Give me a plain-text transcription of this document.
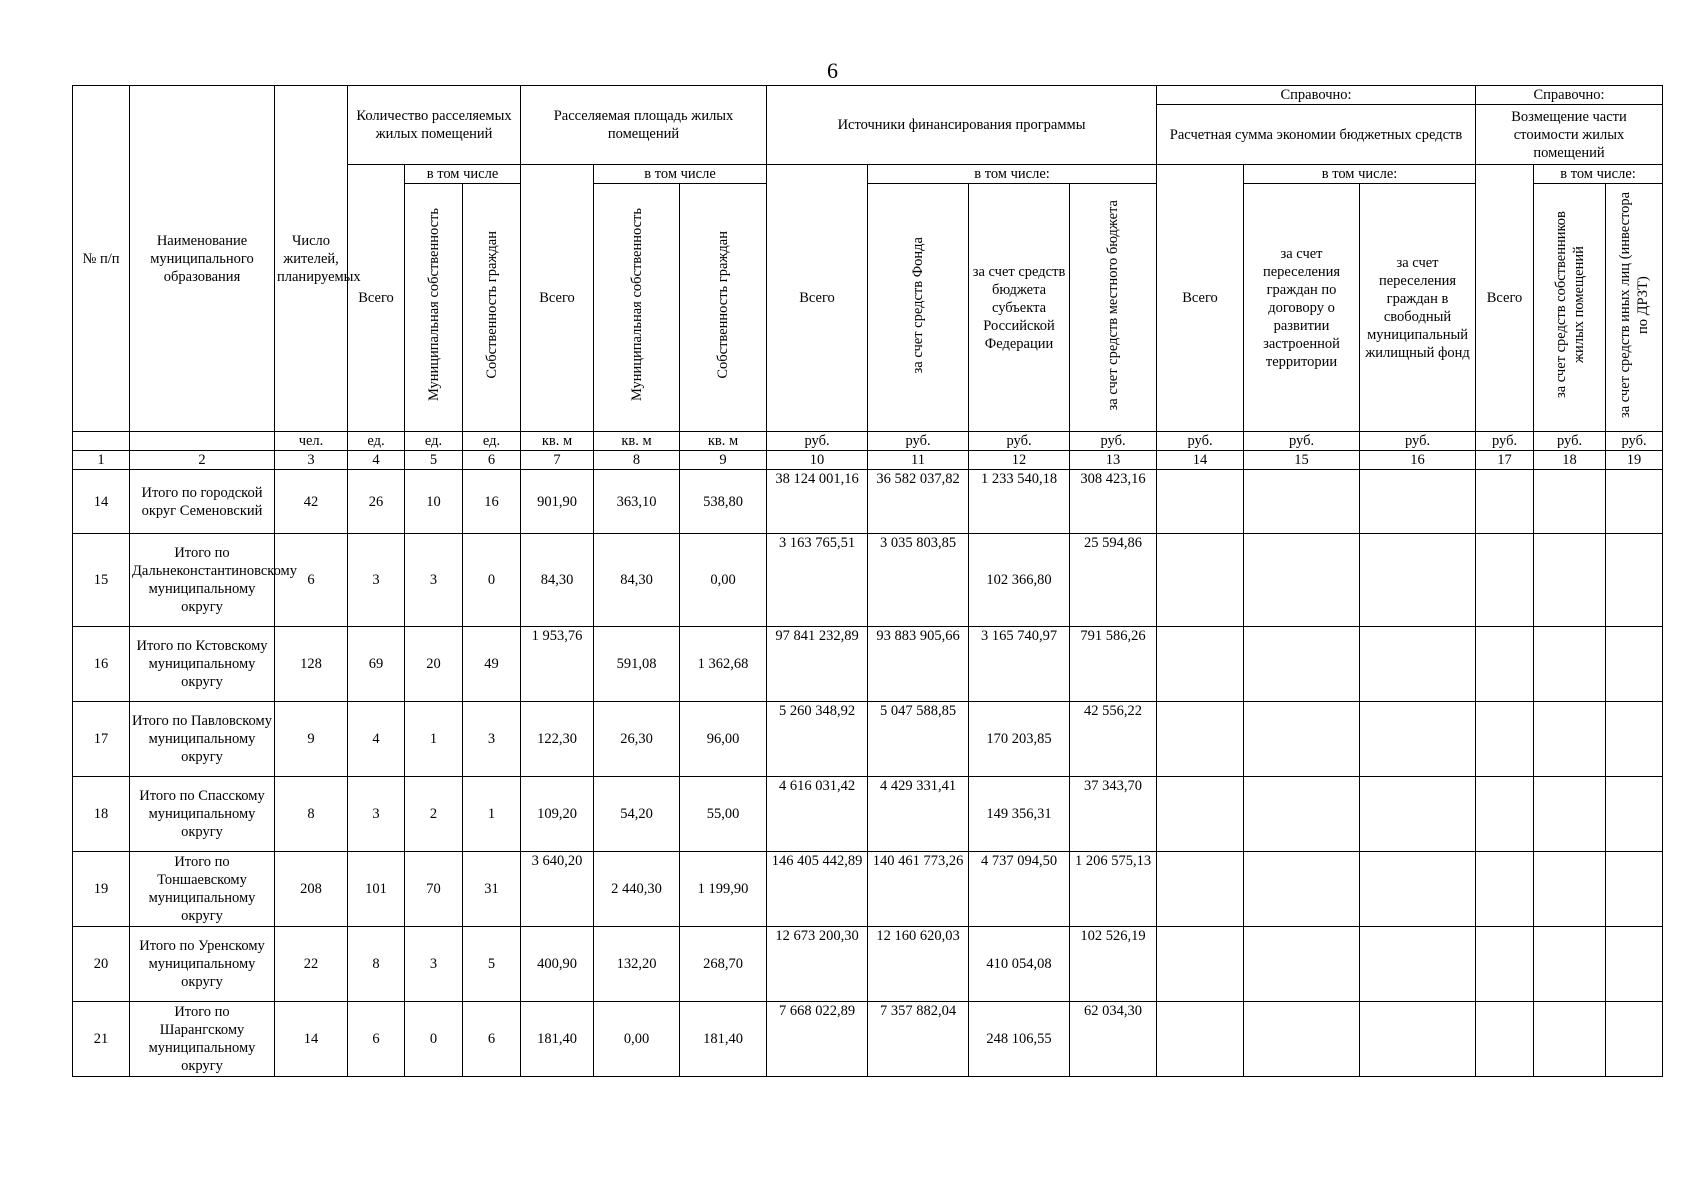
6
№ п/п	Наименование муниципального образования	Число жителей, планируемых	Количество расселяемых жилых помещений			Расселяемая площадь жилых помещений			Источники финансирования программы				Справочно:			Справочно:		
													Расчетная сумма экономии бюджетных средств			Возмещение части стоимости жилых помещений		
			Всего	в том числе		Всего	в том числе		Всего	в том числе:			Всего	в том числе:		Всего	в том числе:	
				Муниципальная собственность	Собственность граждан		Муниципальная собственность	Собственность граждан		за счет средств Фонда	за счет средств бюджета субъекта Российской Федерации	за счет средств местного бюджета		за счет переселения граждан по договору о развитии застроенной территории	за счет переселения граждан в свободный муниципальный жилищный фонд		за счет средств собственников жилых помещений	за счет средств иных лиц (инвестора по ДРЗТ)
		чел.	ед.	ед.	ед.	кв. м	кв. м	кв. м	руб.	руб.	руб.	руб.	руб.	руб.	руб.	руб.	руб.	руб.
1	2	3	4	5	6	7	8	9	10	11	12	13	14	15	16	17	18	19
14	Итого по городской округ Семеновский	42	26	10	16	901,90	363,10	538,80	38 124 001,16	36 582 037,82	1 233 540,18	308 423,16						
15	Итого по Дальнеконстантиновскому муниципальному округу	6	3	3	0	84,30	84,30	0,00	3 163 765,51	3 035 803,85	102 366,80	25 594,86						
16	Итого по Кстовскому муниципальному округу	128	69	20	49	1 953,76	591,08	1 362,68	97 841 232,89	93 883 905,66	3 165 740,97	791 586,26						
17	Итого по Павловскому муниципальному округу	9	4	1	3	122,30	26,30	96,00	5 260 348,92	5 047 588,85	170 203,85	42 556,22						
18	Итого по Спасскому муниципальному округу	8	3	2	1	109,20	54,20	55,00	4 616 031,42	4 429 331,41	149 356,31	37 343,70						
19	Итого по Тоншаевскому муниципальному округу	208	101	70	31	3 640,20	2 440,30	1 199,90	146 405 442,89	140 461 773,26	4 737 094,50	1 206 575,13						
20	Итого по Уренскому муниципальному округу	22	8	3	5	400,90	132,20	268,70	12 673 200,30	12 160 620,03	410 054,08	102 526,19						
21	Итого по Шарангскому муниципальному округу	14	6	0	6	181,40	0,00	181,40	7 668 022,89	7 357 882,04	248 106,55	62 034,30						
